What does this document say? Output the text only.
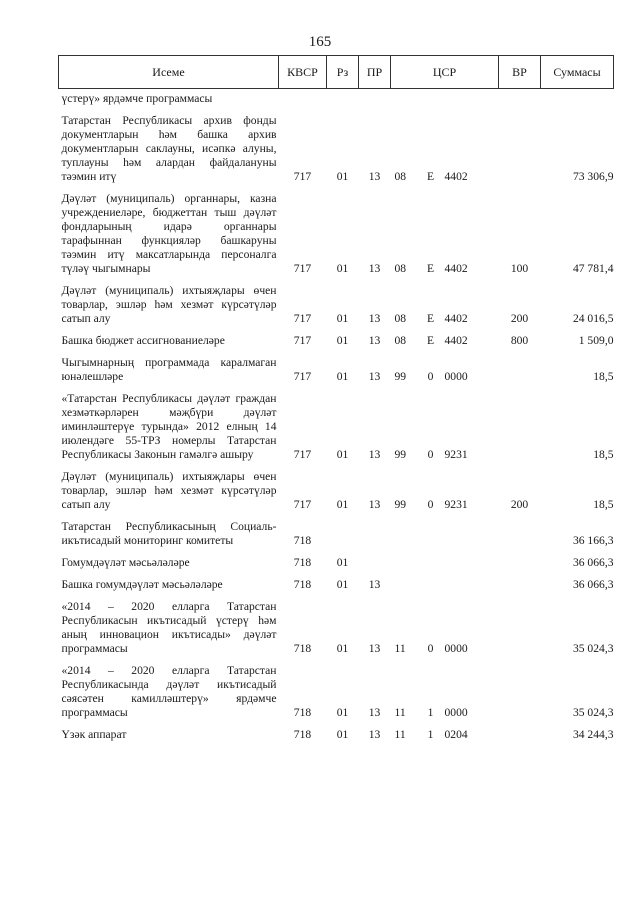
165
Исеме	КВСР	Рз	ПР	ЦСР			ВР	Суммасы
үстерү» ярдәмче программасы								
Татарстан Республикасы архив фонды документларын һәм башка архив документларын саклауны, исәпкә алуны, туплауны һәм алардан файдалануны тәэмин итү	717	01	13	08	Е	4402		73 306,9
Дәүләт (муниципаль) органнары, казна учреждениеләре, бюджеттан тыш дәүләт фондларының идарә органнары тарафыннан функцияләр башкаруны тәэмин итү максатларында персоналга түләү чыгымнары	717	01	13	08	Е	4402	100	47 781,4
Дәүләт (муниципаль) ихтыяҗлары өчен товарлар, эшләр һәм хезмәт күрсәтүләр сатып алу	717	01	13	08	Е	4402	200	24 016,5
Башка бюджет ассигнованиеләре	717	01	13	08	Е	4402	800	1 509,0
Чыгымнарның программада каралмаган юнәлешләре	717	01	13	99	0	0000		18,5
«Татарстан Республикасы дәүләт граждан хезмәткәрләрен мәҗбүри дәүләт иминләштерүе турында» 2012 елның 14 июлендәге 55-ТРЗ номерлы Татарстан Республикасы Законын гамәлгә ашыру	717	01	13	99	0	9231		18,5
Дәүләт (муниципаль) ихтыяҗлары өчен товарлар, эшләр һәм хезмәт күрсәтүләр сатып алу	717	01	13	99	0	9231	200	18,5
Татарстан Республикасының Социаль-икътисадый мониторинг комитеты	718							36 166,3
Гомумдәүләт мәсьәләләре	718	01						36 066,3
Башка гомумдәүләт мәсьәләләре	718	01	13					36 066,3
«2014 – 2020 елларга Татарстан Республикасын икътисадый үстерү һәм аның инновацион икътисады» дәүләт программасы	718	01	13	11	0	0000		35 024,3
«2014 – 2020 елларга Татарстан Республикасында дәүләт икътисадый сәясәтен камилләштерү» ярдәмче программасы	718	01	13	11	1	0000		35 024,3
Үзәк аппарат	718	01	13	11	1	0204		34 244,3
